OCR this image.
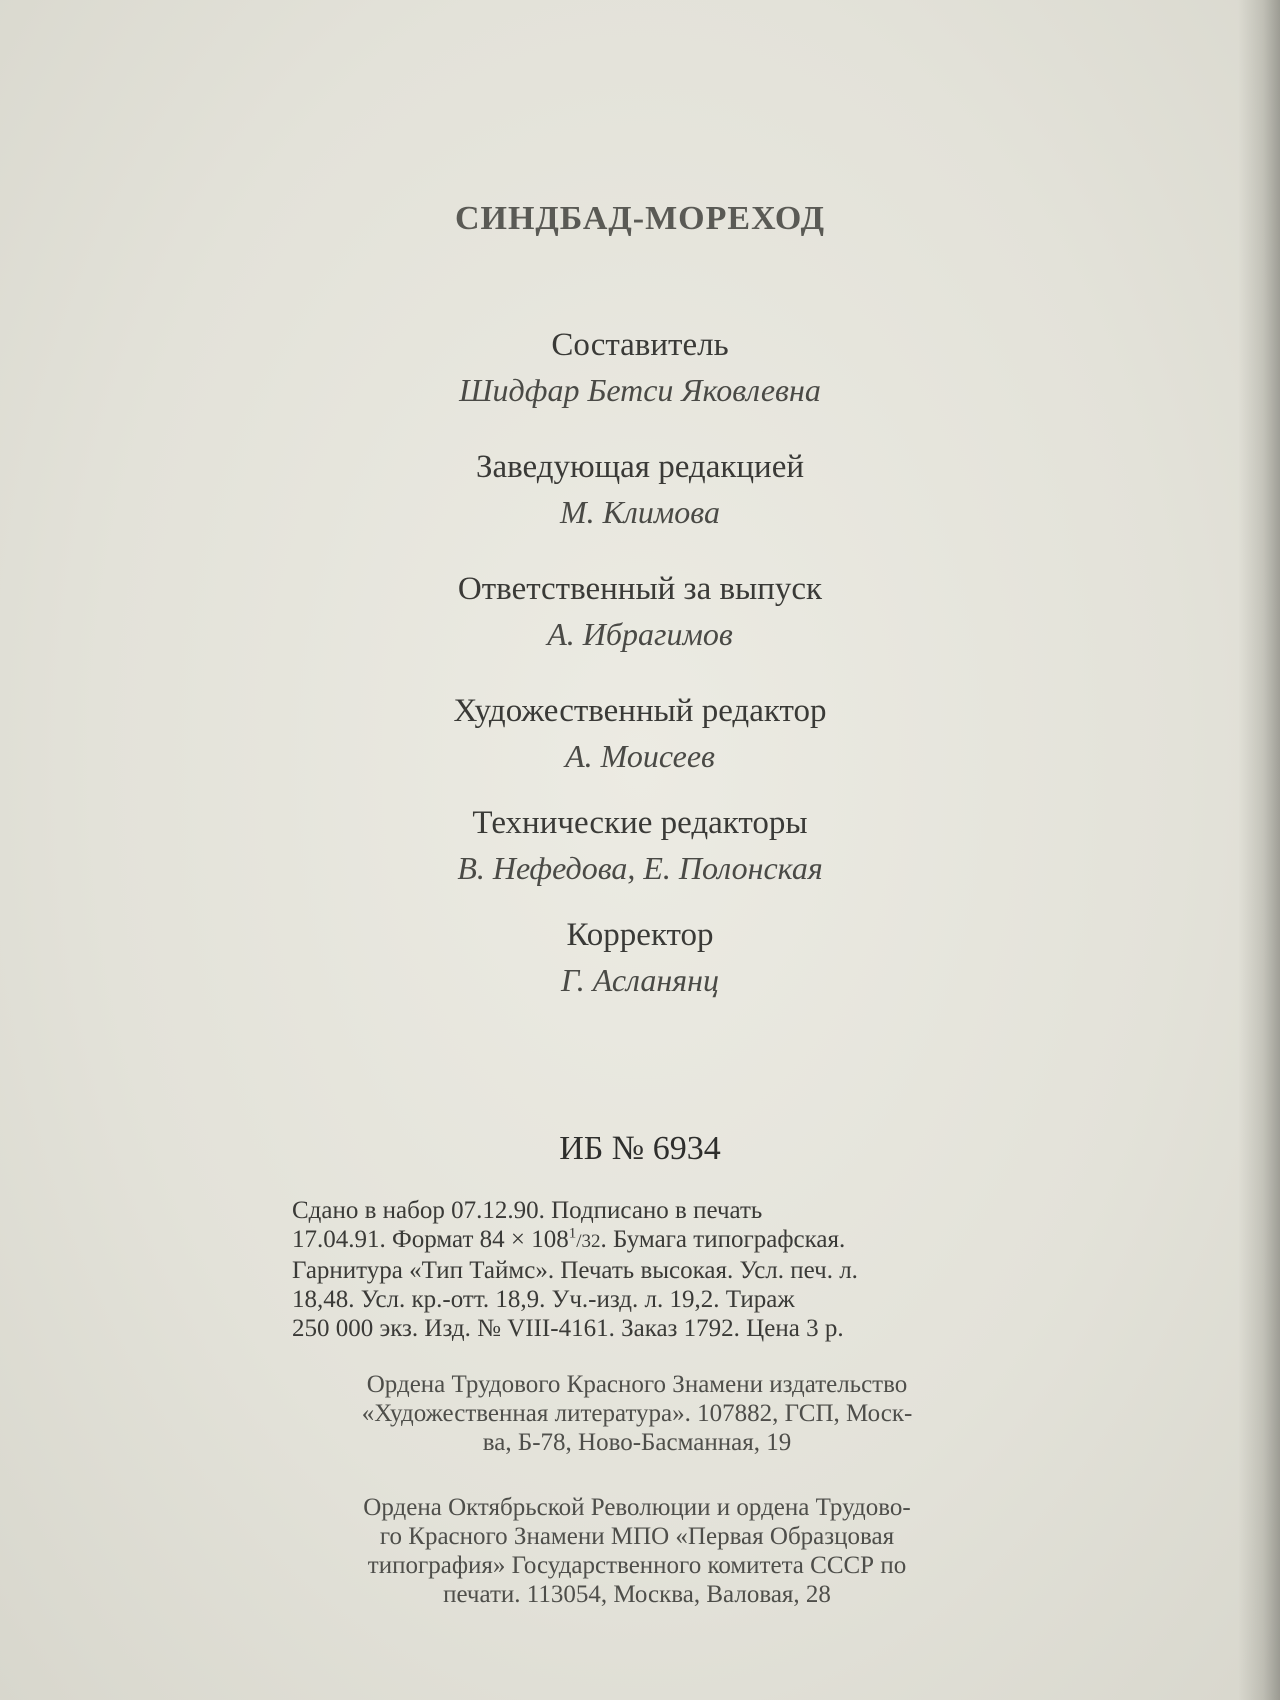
СИНДБАД-МОРЕХОД
Составитель
Шидфар Бетси Яковлевна
Заведующая редакцией
М. Климова
Ответственный за выпуск
А. Ибрагимов
Художественный редактор
А. Моисеев
Технические редакторы
В. Нефедова, Е. Полонская
Корректор
Г. Асланянц
ИБ № 6934

Сдано в набор 07.12.90. Подписано в печать

17.04.91. Формат $84 \times 108^1/32$. Бумага типографская.

Гарнитура «Тип Таймс». Печать высокая. Усл. печ. л.

18,48. Усл. кр.-отт. 18,9. Уч.-изд. л. 19,2. Тираж

250 000 экз. Изд. № VIII-4161. Заказ 1792. Цена 3 р.

Ордена Трудового Красного Знамени издательство

«Художественная литература». 107882, ГСП, Моск-

ва, Б-78, Ново-Басманная, 19

Ордена Октябрьской Революции и ордена Трудово-

го Красного Знамени МПО «Первая Образцовая

типография» Государственного комитета СССР по

печати. 113054, Москва, Валовая, 28
